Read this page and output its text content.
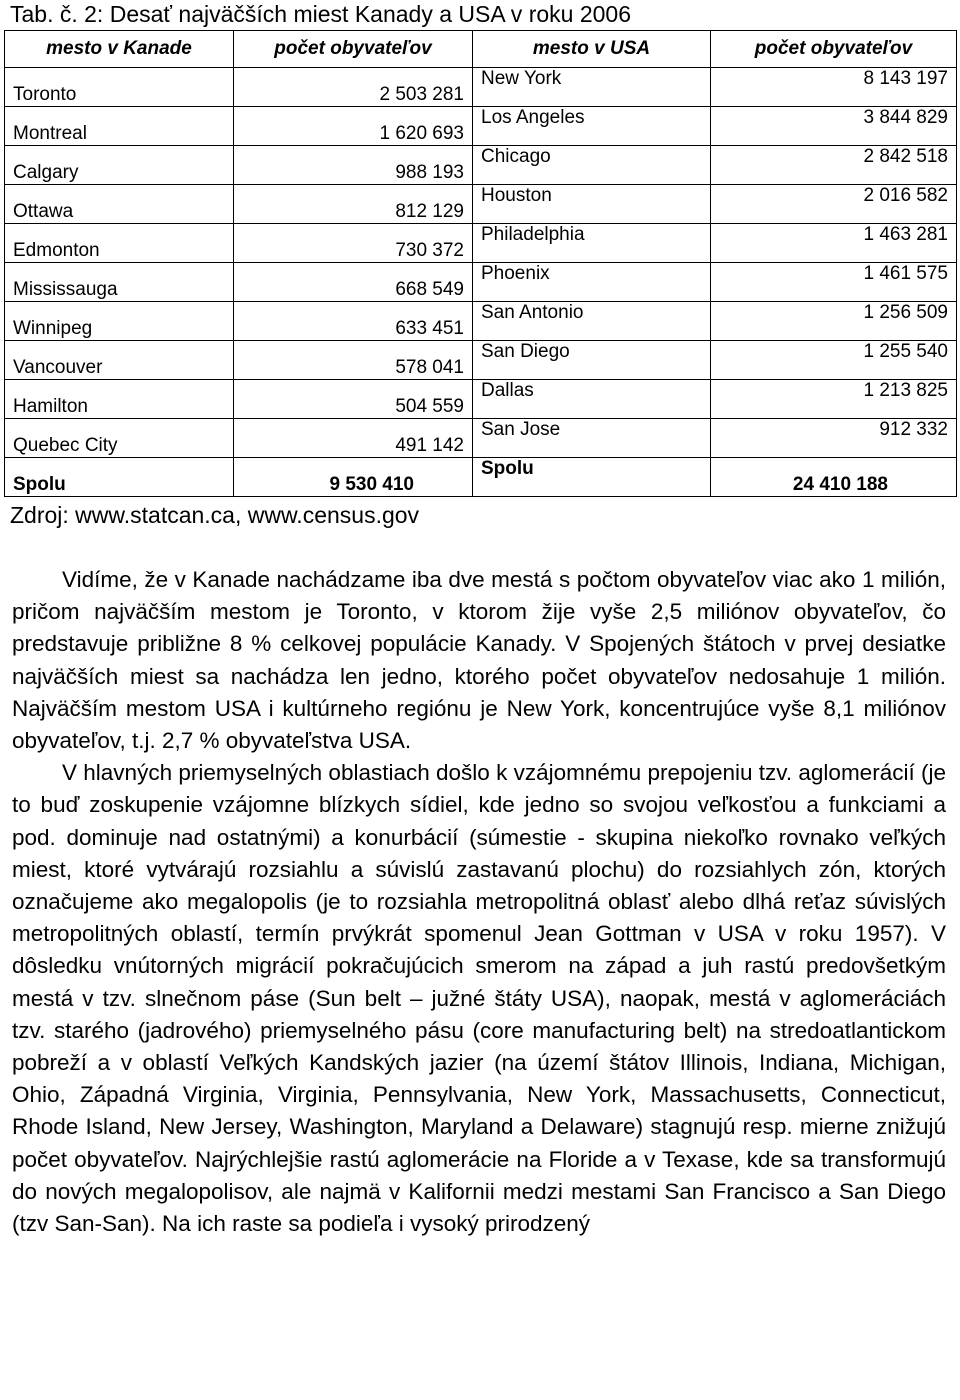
Tab. č. 2: Desať najväčších miest Kanady a USA v roku 2006
mesto v Kanade	počet obyvateľov	mesto v USA	počet obyvateľov
Toronto	2 503 281	New York	8 143 197
Montreal	1 620 693	Los Angeles	3 844 829
Calgary	988 193	Chicago	2 842 518
Ottawa	812 129	Houston	2 016 582
Edmonton	730 372	Philadelphia	1 463 281
Mississauga	668 549	Phoenix	1 461 575
Winnipeg	633 451	San Antonio	1 256 509
Vancouver	578 041	San Diego	1 255 540
Hamilton	504 559	Dallas	1 213 825
Quebec City	491 142	San Jose	912 332
Spolu	9 530 410	Spolu	24 410 188
Zdroj: www.statcan.ca, www.census.gov

Vidíme, že v Kanade nachádzame iba dve mestá s počtom obyvateľov viac ako 1 milión, pričom najväčším mestom je Toronto, v ktorom žije vyše 2,5 miliónov obyvateľov, čo predstavuje približne 8 % celkovej populácie Kanady. V Spojených štátoch v prvej desiatke najväčších miest sa nachádza len jedno, ktorého počet obyvateľov nedosahuje 1 milión. Najväčším mestom USA i kultúrneho regiónu je New York, koncentrujúce vyše 8,1 miliónov obyvateľov, t.j. 2,7 % obyvateľstva USA.

V hlavných priemyselných oblastiach došlo k vzájomnému prepojeniu tzv. aglomerácií (je to buď zoskupenie vzájomne blízkych sídiel, kde jedno so svojou veľkosťou a funkciami a pod. dominuje nad ostatnými) a konurbácií (súmestie - skupina niekoľko rovnako veľkých miest, ktoré vytvárajú rozsiahlu a súvislú zastavanú plochu) do rozsiahlych zón, ktorých označujeme ako megalopolis (je to rozsiahla metropolitná oblasť alebo dlhá reťaz súvislých metropolitných oblastí, termín prvýkrát spomenul Jean Gottman v USA v roku 1957). V dôsledku vnútorných migrácií pokračujúcich smerom na západ a juh rastú predovšetkým mestá v tzv. slnečnom páse (Sun belt – južné štáty USA), naopak, mestá v aglomeráciách tzv. starého (jadrového) priemyselného pásu (core manufacturing belt) na stredoatlantickom pobreží a v oblastí Veľkých Kandských jazier (na území štátov Illinois, Indiana, Michigan, Ohio, Západná Virginia, Virginia, Pennsylvania, New York, Massachusetts, Connecticut, Rhode Island, New Jersey, Washington, Maryland a Delaware) stagnujú resp. mierne znižujú počet obyvateľov. Najrýchlejšie rastú aglomerácie na Floride a v Texase, kde sa transformujú do nových megalopolisov, ale najmä v Kalifornii medzi mestami San Francisco a San Diego (tzv San-San). Na ich raste sa podieľa i vysoký prirodzený
